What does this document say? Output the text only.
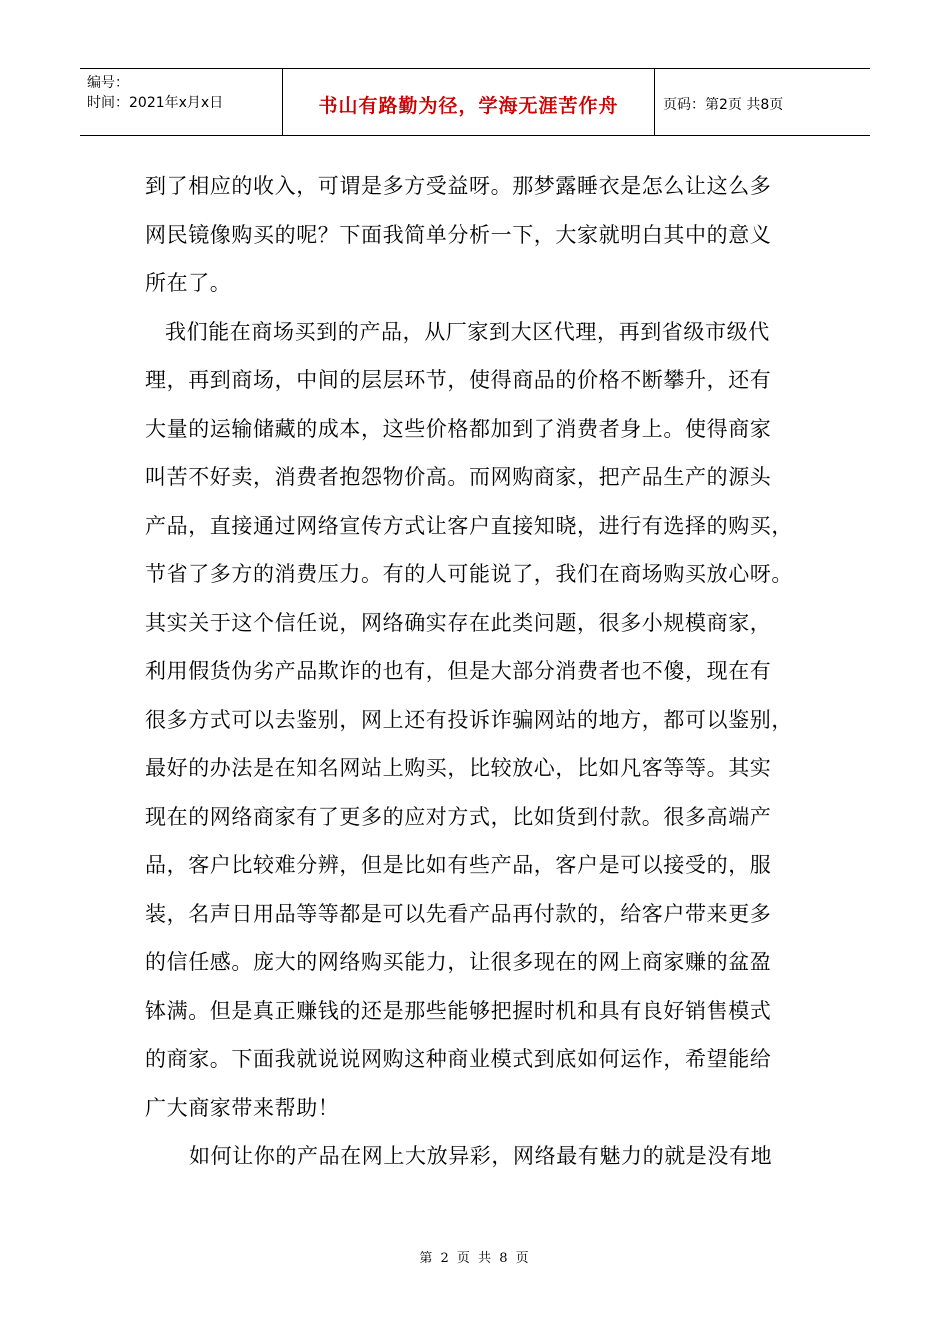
编号：
时间：2021年x月x日	书山有路勤为径，学海无涯苦作舟	页码：第2页 共8页
到了相应的收入，可谓是多方受益呀。那梦露睡衣是怎么让这么多
网民镜像购买的呢？下面我简单分析一下，大家就明白其中的意义
所在了。
我们能在商场买到的产品，从厂家到大区代理，再到省级市级代
理，再到商场，中间的层层环节，使得商品的价格不断攀升，还有
大量的运输储藏的成本，这些价格都加到了消费者身上。使得商家
叫苦不好卖，消费者抱怨物价高。而网购商家，把产品生产的源头
产品，直接通过网络宣传方式让客户直接知晓，进行有选择的购买，
节省了多方的消费压力。有的人可能说了，我们在商场购买放心呀。
其实关于这个信任说，网络确实存在此类问题，很多小规模商家，
利用假货伪劣产品欺诈的也有，但是大部分消费者也不傻，现在有
很多方式可以去鉴别，网上还有投诉诈骗网站的地方，都可以鉴别，
最好的办法是在知名网站上购买，比较放心，比如凡客等等。其实
现在的网络商家有了更多的应对方式，比如货到付款。很多高端产
品，客户比较难分辨，但是比如有些产品，客户是可以接受的，服
装，名声日用品等等都是可以先看产品再付款的，给客户带来更多
的信任感。庞大的网络购买能力，让很多现在的网上商家赚的盆盈
钵满。但是真正赚钱的还是那些能够把握时机和具有良好销售模式
的商家。下面我就说说网购这种商业模式到底如何运作，希望能给
广大商家带来帮助！
如何让你的产品在网上大放异彩，网络最有魅力的就是没有地
第 2 页 共 8 页
